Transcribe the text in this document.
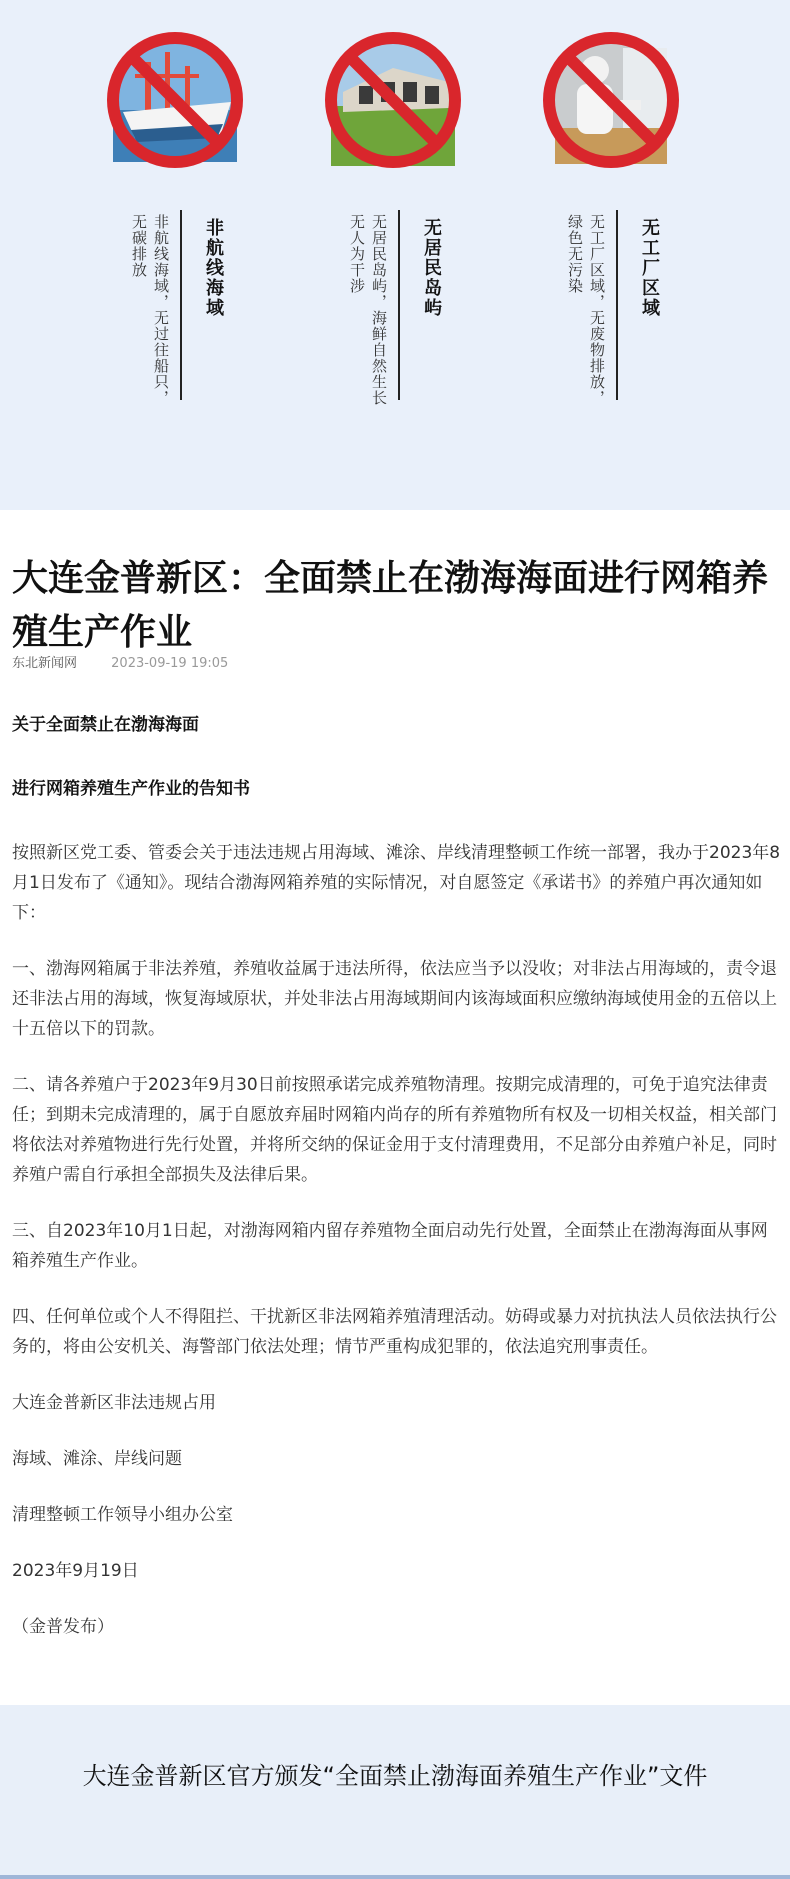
非航线海域
非航线海域，无过往船只，无碳排放	无居民岛屿
无居民岛屿，海鲜自然生长无人为干涉	无工厂区域
无工厂区域，无废物排放，绿色无污染
大连金普新区：全面禁止在渤海海面进行网箱养殖生产作业
东北新闻网	2023-09-19 19:05

关于全面禁止在渤海海面

进行网箱养殖生产作业的告知书

按照新区党工委、管委会关于违法违规占用海域、滩涂、岸线清理整顿工作统一部署，我办于2023年8月1日发布了《通知》。现结合渤海网箱养殖的实际情况，对自愿签定《承诺书》的养殖户再次通知如下：

一、渤海网箱属于非法养殖，养殖收益属于违法所得，依法应当予以没收；对非法占用海域的，责令退还非法占用的海域，恢复海域原状，并处非法占用海域期间内该海域面积应缴纳海域使用金的五倍以上十五倍以下的罚款。

二、请各养殖户于2023年9月30日前按照承诺完成养殖物清理。按期完成清理的，可免于追究法律责任；到期未完成清理的，属于自愿放弃届时网箱内尚存的所有养殖物所有权及一切相关权益，相关部门将依法对养殖物进行先行处置，并将所交纳的保证金用于支付清理费用，不足部分由养殖户补足，同时养殖户需自行承担全部损失及法律后果。

三、自2023年10月1日起，对渤海网箱内留存养殖物全面启动先行处置，全面禁止在渤海海面从事网箱养殖生产作业。

四、任何单位或个人不得阻拦、干扰新区非法网箱养殖清理活动。妨碍或暴力对抗执法人员依法执行公务的，将由公安机关、海警部门依法处理；情节严重构成犯罪的，依法追究刑事责任。

大连金普新区非法违规占用

海域、滩涂、岸线问题

清理整顿工作领导小组办公室

2023年9月19日

（金普发布）

大连金普新区官方颁发“全面禁止渤海面养殖生产作业”文件
